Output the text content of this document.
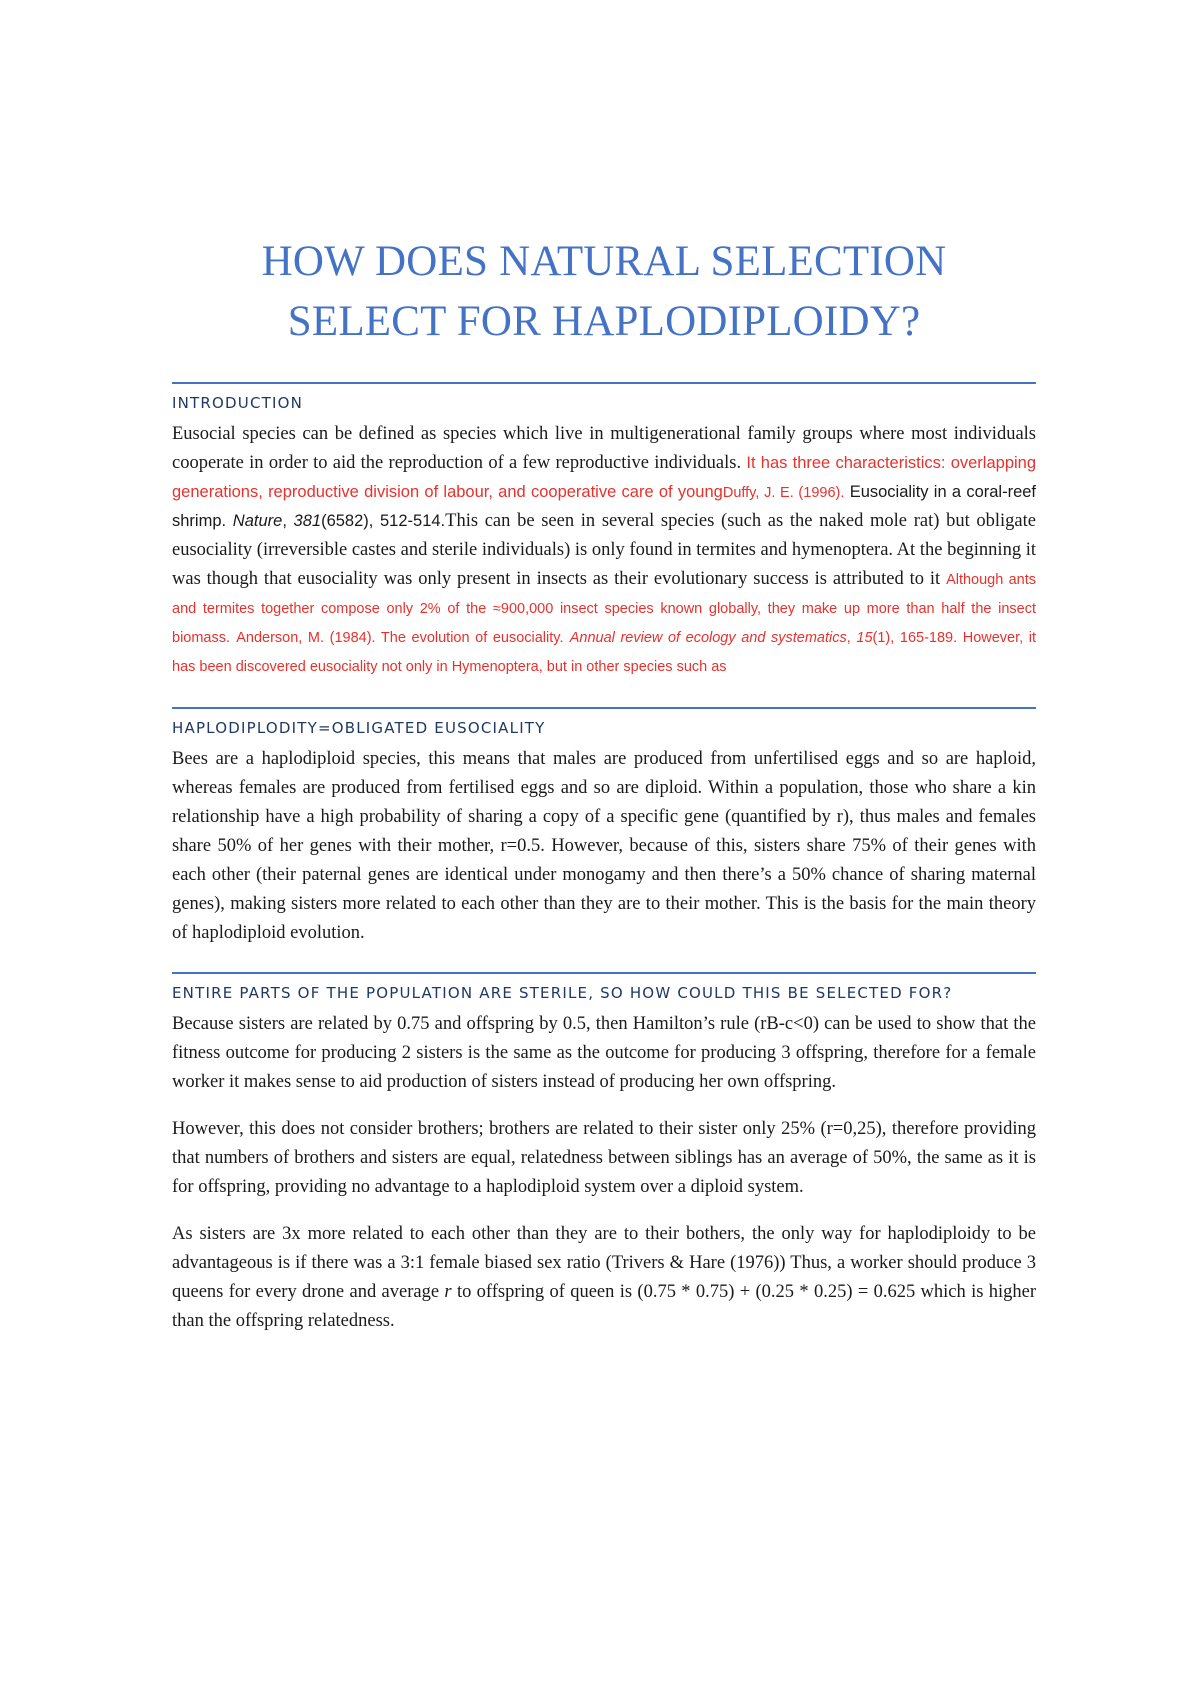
HOW DOES NATURAL SELECTION
SELECT FOR HAPLODIPLOIDY?
INTRODUCTION

Eusocial species can be defined as species which live in multigenerational family groups where most individuals cooperate in order to aid the reproduction of a few reproductive individuals. It has three characteristics: overlapping generations, reproductive division of labour, and cooperative care of youngDuffy, J. E. (1996). Eusociality in a coral-reef shrimp. Nature, 381(6582), 512-514.This can be seen in several species (such as the naked mole rat) but obligate eusociality (irreversible castes and sterile individuals) is only found in termites and hymenoptera. At the beginning it was though that eusociality was only present in insects as their evolutionary success is attributed to it Although ants and termites together compose only 2% of the ≈900,000 insect species known globally, they make up more than half the insect biomass. Anderson, M. (1984). The evolution of eusociality. Annual review of ecology and systematics, 15(1), 165-189. However, it has been discovered eusociality not only in Hymenoptera, but in other species such as

HAPLODIPLODITY=OBLIGATED EUSOCIALITY

Bees are a haplodiploid species, this means that males are produced from unfertilised eggs and so are haploid, whereas females are produced from fertilised eggs and so are diploid. Within a population, those who share a kin relationship have a high probability of sharing a copy of a specific gene (quantified by r), thus males and females share 50% of her genes with their mother, r=0.5. However, because of this, sisters share 75% of their genes with each other (their paternal genes are identical under monogamy and then there’s a 50% chance of sharing maternal genes), making sisters more related to each other than they are to their mother. This is the basis for the main theory of haplodiploid evolution.

ENTIRE PARTS OF THE POPULATION ARE STERILE, SO HOW COULD THIS BE SELECTED FOR?

Because sisters are related by 0.75 and offspring by 0.5, then Hamilton’s rule (rB-c<0) can be used to show that the fitness outcome for producing 2 sisters is the same as the outcome for producing 3 offspring, therefore for a female worker it makes sense to aid production of sisters instead of producing her own offspring.

However, this does not consider brothers; brothers are related to their sister only 25% (r=0,25), therefore providing that numbers of brothers and sisters are equal, relatedness between siblings has an average of 50%, the same as it is for offspring, providing no advantage to a haplodiploid system over a diploid system.

As sisters are 3x more related to each other than they are to their bothers, the only way for haplodiploidy to be advantageous is if there was a 3:1 female biased sex ratio (Trivers & Hare (1976)) Thus, a worker should produce 3 queens for every drone and average r to offspring of queen is (0.75 * 0.75) + (0.25 * 0.25) = 0.625 which is higher than the offspring relatedness.
